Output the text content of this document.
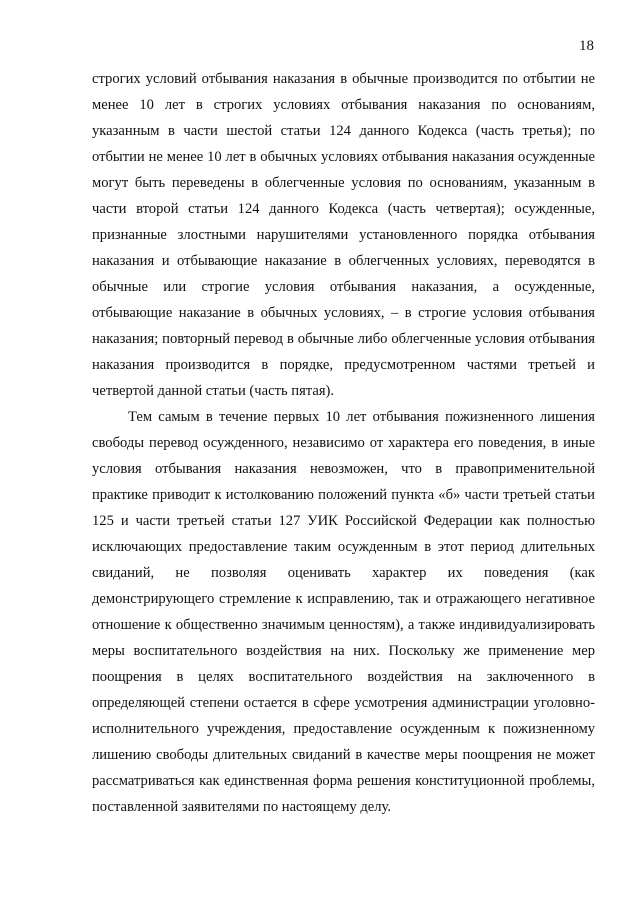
18

строгих условий отбывания наказания в обычные производится по отбытии не менее 10 лет в строгих условиях отбывания наказания по основаниям, указанным в части шестой статьи 124 данного Кодекса (часть третья); по отбытии не менее 10 лет в обычных условиях отбывания наказания осужденные могут быть переведены в облегченные условия по основаниям, указанным в части второй статьи 124 данного Кодекса (часть четвертая); осужденные, признанные злостными нарушителями установленного порядка отбывания наказания и отбывающие наказание в облегченных условиях, переводятся в обычные или строгие условия отбывания наказания, а осужденные, отбывающие наказание в обычных условиях, – в строгие условия отбывания наказания; повторный перевод в обычные либо облегченные условия отбывания наказания производится в порядке, предусмотренном частями третьей и четвертой данной статьи (часть пятая).

Тем самым в течение первых 10 лет отбывания пожизненного лишения свободы перевод осужденного, независимо от характера его поведения, в иные условия отбывания наказания невозможен, что в правоприменительной практике приводит к истолкованию положений пункта «б» части третьей статьи 125 и части третьей статьи 127 УИК Российской Федерации как полностью исключающих предоставление таким осужденным в этот период длительных свиданий, не позволяя оценивать характер их поведения (как демонстрирующего стремление к исправлению, так и отражающего негативное отношение к общественно значимым ценностям), а также индивидуализировать меры воспитательного воздействия на них. Поскольку же применение мер поощрения в целях воспитательного воздействия на заключенного в определяющей степени остается в сфере усмотрения администрации уголовно-исполнительного учреждения, предоставление осужденным к пожизненному лишению свободы длительных свиданий в качестве меры поощрения не может рассматриваться как единственная форма решения конституционной проблемы, поставленной заявителями по настоящему делу.
